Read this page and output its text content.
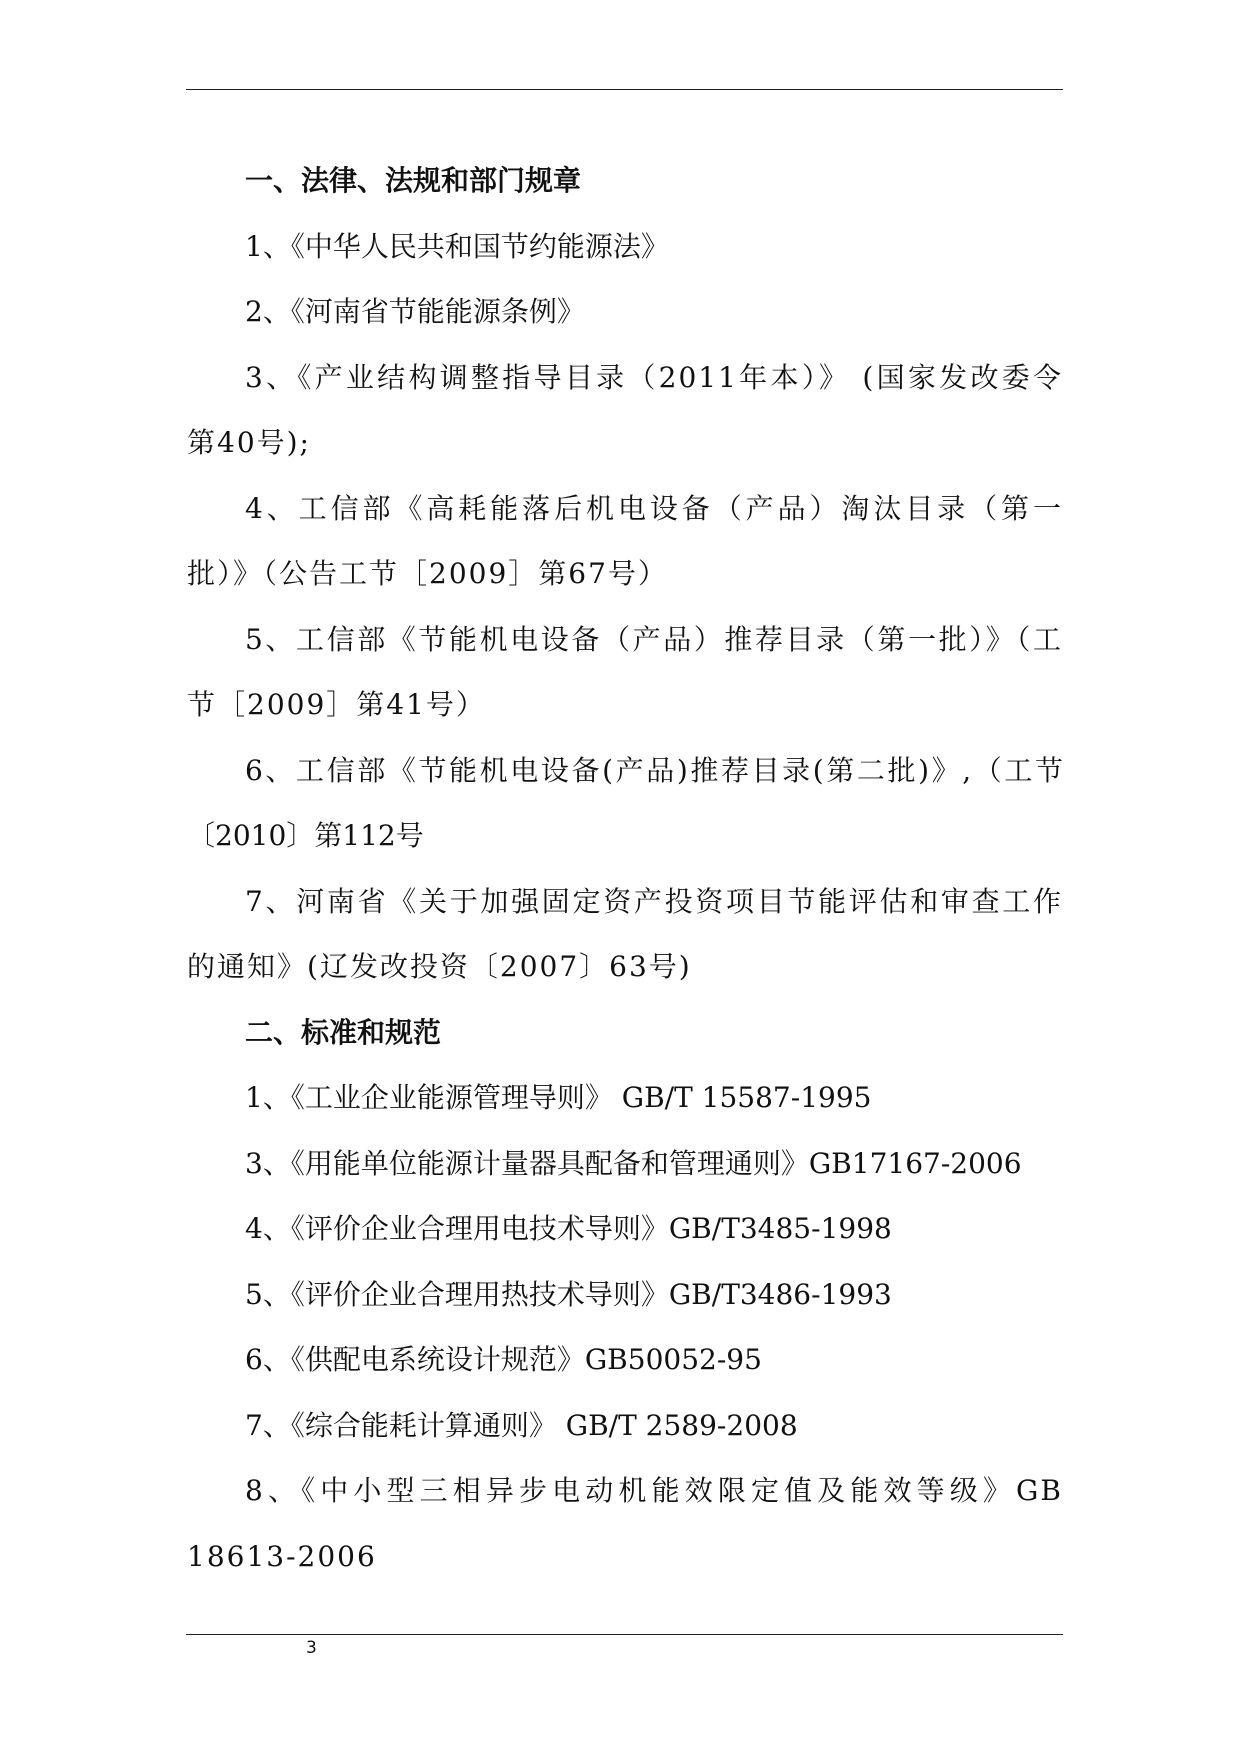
一、法律、法规和部门规章

1、《中华人民共和国节约能源法》

2、《河南省节能能源条例》

3、《产业结构调整指导目录（2011年本）》 (国家发改委令 第40号);

4、工信部《高耗能落后机电设备（产品）淘汰目录（第一批）》（公告工节［2009］第67号）

5、工信部《节能机电设备（产品）推荐目录（第一批）》（工节［2009］第41号）

6、工信部《节能机电设备(产品)推荐目录(第二批)》,（工节〔2010〕第112号

7、河南省《关于加强固定资产投资项目节能评估和审查工作的通知》(辽发改投资〔2007〕63号)

二、标准和规范

1、《工业企业能源管理导则》 GB/T 15587-1995

3、《用能单位能源计量器具配备和管理通则》GB17167-2006

4、《评价企业合理用电技术导则》GB/T3485-1998

5、《评价企业合理用热技术导则》GB/T3486-1993

6、《供配电系统设计规范》GB50052-95

7、《综合能耗计算通则》 GB/T 2589-2008

8、《中小型三相异步电动机能效限定值及能效等级》GB 18613-2006

3
